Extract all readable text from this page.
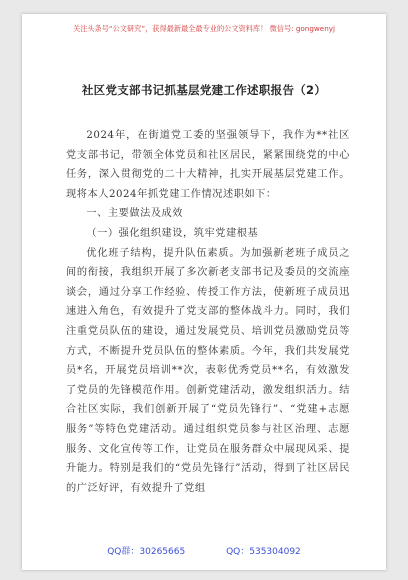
关注头条号“公文研究”，获得最新最全最专业的公文资料库！ 微信号: gongwenyj
社区党支部书记抓基层党建工作述职报告（2）

2024年，在街道党工委的坚强领导下，我作为**社区党支部书记，带领全体党员和社区居民，紧紧围绕党的中心任务，深入贯彻党的二十大精神，扎实开展基层党建工作。现将本人2024年抓党建工作情况述职如下：

一、主要做法及成效

（一）强化组织建设，筑牢党建根基

优化班子结构，提升队伍素质。为加强新老班子成员之间的衔接，我组织开展了多次新老支部书记及委员的交流座谈会，通过分享工作经验、传授工作方法，使新班子成员迅速进入角色，有效提升了党支部的整体战斗力。同时，我们注重党员队伍的建设，通过发展党员、培训党员激励党员等方式，不断提升党员队伍的整体素质。今年，我们共发展党员*名，开展党员培训**次，表彰优秀党员**名，有效激发了党员的先锋模范作用。创新党建活动，激发组织活力。结合社区实际，我们创新开展了“党员先锋行”、“党建+志愿服务”等特色党建活动。通过组织党员参与社区治理、志愿服务、文化宣传等工作，让党员在服务群众中展现风采、提升能力。特别是我们的“党员先锋行”活动，得到了社区居民的广泛好评，有效提升了党组

QQ群：30265665	QQ：535304092
